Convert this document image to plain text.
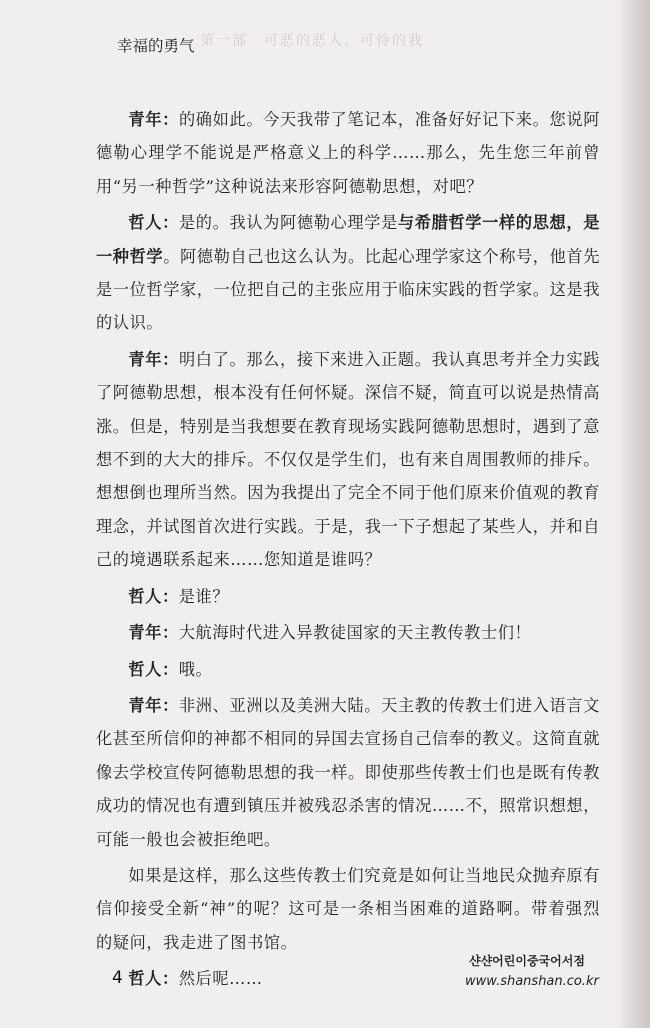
第一部　可恶的恶人，可怜的我
幸福的勇气

青年：的确如此。今天我带了笔记本，准备好好记下来。您说阿德勒心理学不能说是严格意义上的科学……那么，先生您三年前曾用“另一种哲学”这种说法来形容阿德勒思想，对吧？

哲人：是的。我认为阿德勒心理学是与希腊哲学一样的思想，是一种哲学。阿德勒自己也这么认为。比起心理学家这个称号，他首先是一位哲学家，一位把自己的主张应用于临床实践的哲学家。这是我的认识。

青年：明白了。那么，接下来进入正题。我认真思考并全力实践了阿德勒思想，根本没有任何怀疑。深信不疑，简直可以说是热情高涨。但是，特别是当我想要在教育现场实践阿德勒思想时，遇到了意想不到的大大的排斥。不仅仅是学生们，也有来自周围教师的排斥。想想倒也理所当然。因为我提出了完全不同于他们原来价值观的教育理念，并试图首次进行实践。于是，我一下子想起了某些人，并和自己的境遇联系起来……您知道是谁吗？

哲人：是谁？

青年：大航海时代进入异教徒国家的天主教传教士们！

哲人：哦。

青年：非洲、亚洲以及美洲大陆。天主教的传教士们进入语言文化甚至所信仰的神都不相同的异国去宣扬自己信奉的教义。这简直就像去学校宣传阿德勒思想的我一样。即使那些传教士们也是既有传教成功的情况也有遭到镇压并被残忍杀害的情况……不，照常识想想，可能一般也会被拒绝吧。

如果是这样，那么这些传教士们究竟是如何让当地民众抛弃原有信仰接受全新“神”的呢？这可是一条相当困难的道路啊。带着强烈的疑问，我走进了图书馆。

哲人：然后呢……

4
샨샨어린이중국어서점
www.shanshan.co.kr
